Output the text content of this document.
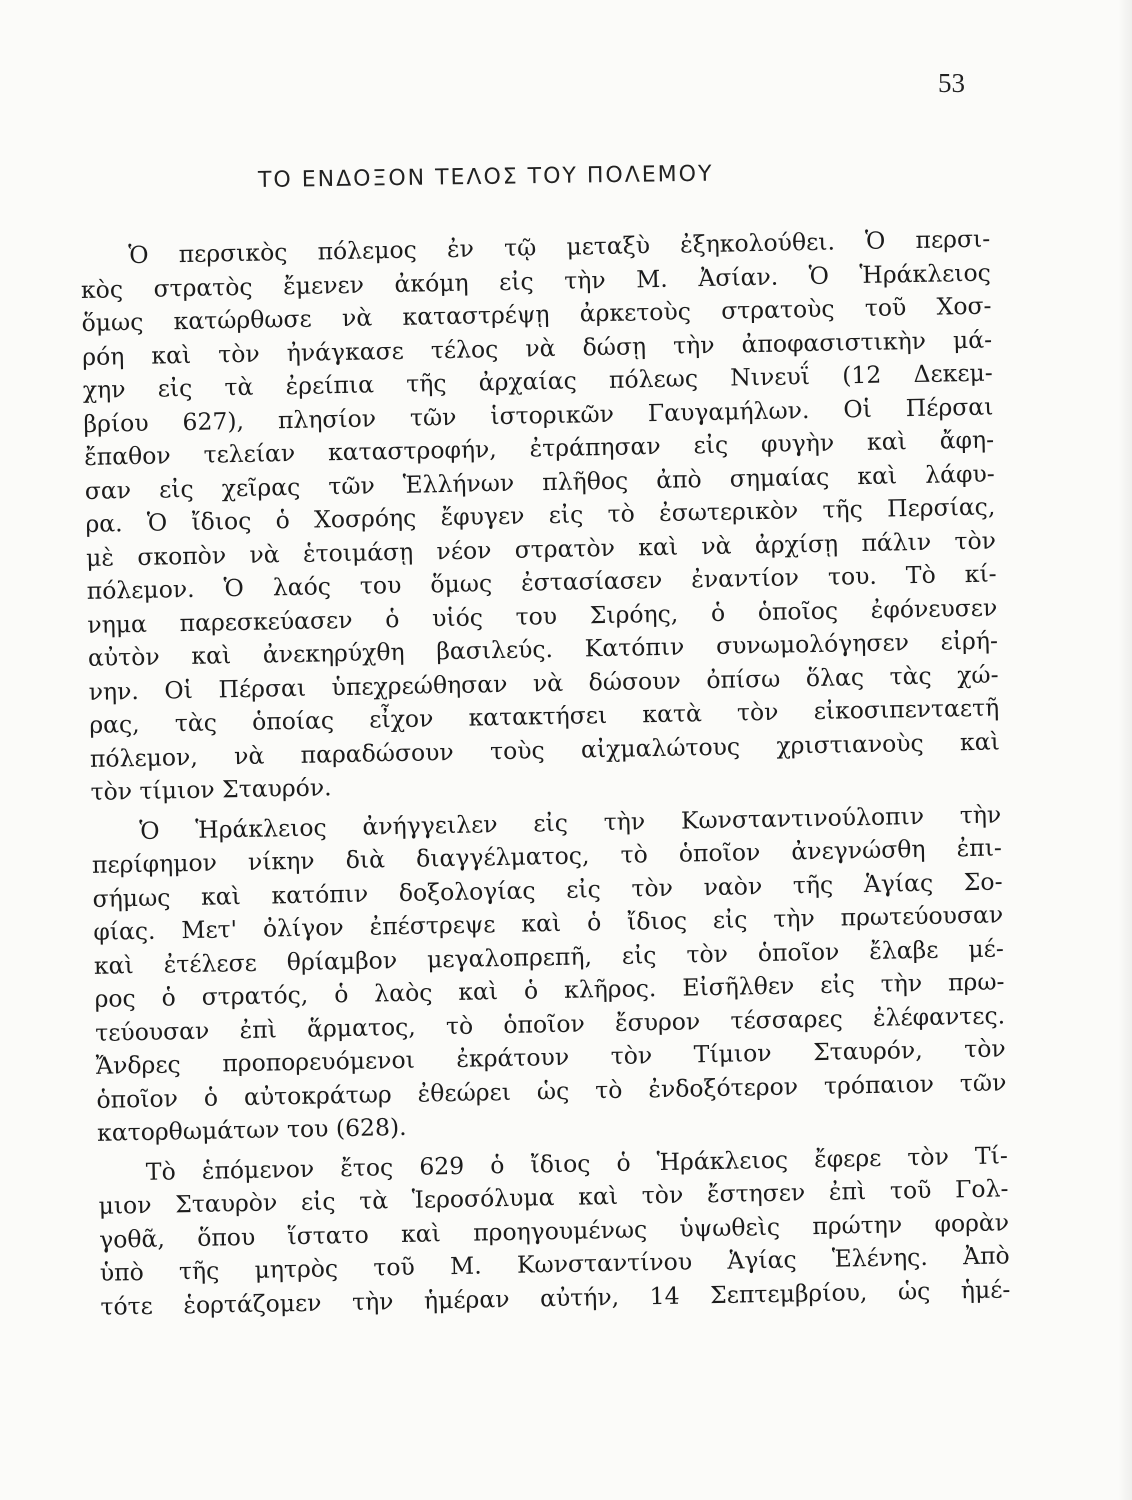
53
ΤΟ ΕΝΔΟΞΟΝ ΤΕΛΟΣ ΤΟΥ ΠΟΛΕΜΟΥ
Ὁ περσικὸς πόλεμος ἐν τῷ μεταξὺ ἐξηκολούθει. Ὁ περσι-
κὸς στρατὸς ἔμενεν ἀκόμη εἰς τὴν Μ. Ἀσίαν. Ὁ Ἡράκλειος
ὅμως κατώρθωσε νὰ καταστρέψῃ ἀρκετοὺς στρατοὺς τοῦ Χοσ-
ρόη καὶ τὸν ἠνάγκασε τέλος νὰ δώσῃ τὴν ἀποφασιστικὴν μά-
χην εἰς τὰ ἐρείπια τῆς ἀρχαίας πόλεως Νινευΐ (12 Δεκεμ-
βρίου 627), πλησίον τῶν ἱστορικῶν Γαυγαμήλων. Οἱ Πέρσαι
ἔπαθον τελείαν καταστροφήν, ἐτράπησαν εἰς φυγὴν καὶ ἄφη-
σαν εἰς χεῖρας τῶν Ἑλλήνων πλῆθος ἀπὸ σημαίας καὶ λάφυ-
ρα. Ὁ ἴδιος ὁ Χοσρόης ἔφυγεν εἰς τὸ ἐσωτερικὸν τῆς Περσίας,
μὲ σκοπὸν νὰ ἑτοιμάσῃ νέον στρατὸν καὶ νὰ ἀρχίσῃ πάλιν τὸν
πόλεμον. Ὁ λαός του ὅμως ἐστασίασεν ἐναντίον του. Τὸ κί-
νημα παρεσκεύασεν ὁ υἱός του Σιρόης, ὁ ὁποῖος ἐφόνευσεν
αὐτὸν καὶ ἀνεκηρύχθη βασιλεύς. Κατόπιν συνωμολόγησεν εἰρή-
νην. Οἱ Πέρσαι ὑπεχρεώθησαν νὰ δώσουν ὀπίσω ὅλας τὰς χώ-
ρας, τὰς ὁποίας εἶχον κατακτήσει κατὰ τὸν εἰκοσιπενταετῆ
πόλεμον, νὰ παραδώσουν τοὺς αἰχμαλώτους χριστιανοὺς καὶ
τὸν τίμιον Σταυρόν.
Ὁ Ἡράκλειος ἀνήγγειλεν εἰς τὴν Κωνσταντινούλοπιν τὴν
περίφημον νίκην διὰ διαγγέλματος, τὸ ὁποῖον ἀνεγνώσθη ἐπι-
σήμως καὶ κατόπιν δοξολογίας εἰς τὸν ναὸν τῆς Ἁγίας Σο-
φίας. Μετ' ὀλίγον ἐπέστρεψε καὶ ὁ ἴδιος εἰς τὴν πρωτεύουσαν
καὶ ἐτέλεσε θρίαμβον μεγαλοπρεπῆ, εἰς τὸν ὁποῖον ἔλαβε μέ-
ρος ὁ στρατός, ὁ λαὸς καὶ ὁ κλῆρος. Εἰσῆλθεν εἰς τὴν πρω-
τεύουσαν ἐπὶ ἅρματος, τὸ ὁποῖον ἔσυρον τέσσαρες ἐλέφαντες.
Ἄνδρες προπορευόμενοι ἐκράτουν τὸν Τίμιον Σταυρόν, τὸν
ὁποῖον ὁ αὐτοκράτωρ ἐθεώρει ὡς τὸ ἐνδοξότερον τρόπαιον τῶν
κατορθωμάτων του (628).
Τὸ ἑπόμενον ἔτος 629 ὁ ἴδιος ὁ Ἡράκλειος ἔφερε τὸν Τί-
μιον Σταυρὸν εἰς τὰ Ἱεροσόλυμα καὶ τὸν ἔστησεν ἐπὶ τοῦ Γολ-
γοθᾶ, ὅπου ἵστατο καὶ προηγουμένως ὑψωθεὶς πρώτην φορὰν
ὑπὸ τῆς μητρὸς τοῦ Μ. Κωνσταντίνου Ἁγίας Ἑλένης. Ἀπὸ
τότε ἑορτάζομεν τὴν ἡμέραν αὐτήν, 14 Σεπτεμβρίου, ὡς ἡμέ-
